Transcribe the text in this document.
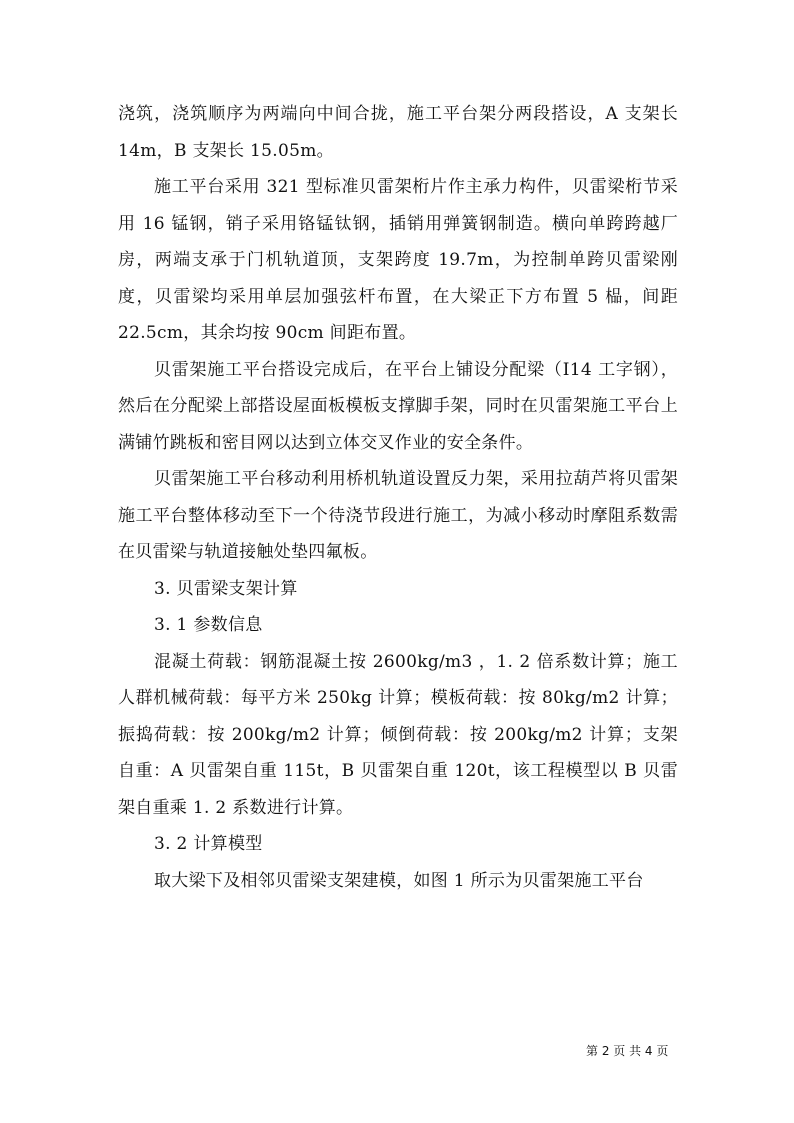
浇筑，浇筑顺序为两端向中间合拢，施工平台架分两段搭设，A 支架长 14m，B 支架长 15.05m。

施工平台采用 321 型标准贝雷架桁片作主承力构件，贝雷梁桁节采用 16 锰钢，销子采用铬锰钛钢，插销用弹簧钢制造。横向单跨跨越厂房，两端支承于门机轨道顶，支架跨度 19.7m，为控制单跨贝雷梁刚度，贝雷梁均采用单层加强弦杆布置，在大梁正下方布置 5 榀，间距 22.5cm，其余均按 90cm 间距布置。

贝雷架施工平台搭设完成后，在平台上铺设分配梁（I14 工字钢），然后在分配梁上部搭设屋面板模板支撑脚手架，同时在贝雷架施工平台上满铺竹跳板和密目网以达到立体交叉作业的安全条件。

贝雷架施工平台移动利用桥机轨道设置反力架，采用拉葫芦将贝雷架施工平台整体移动至下一个待浇节段进行施工，为减小移动时摩阻系数需在贝雷梁与轨道接触处垫四氟板。

3. 贝雷梁支架计算

3. 1 参数信息

混凝土荷载：钢筋混凝土按 2600kg/m3 ，1. 2 倍系数计算；施工人群机械荷载：每平方米 250kg 计算；模板荷载：按 80kg/m2 计算；振捣荷载：按 200kg/m2 计算；倾倒荷载：按 200kg/m2 计算；支架自重：A 贝雷架自重 115t，B 贝雷架自重 120t，该工程模型以 B 贝雷架自重乘 1. 2 系数进行计算。

3. 2 计算模型

取大梁下及相邻贝雷梁支架建模，如图 1 所示为贝雷架施工平台

第 2 页 共 4 页
